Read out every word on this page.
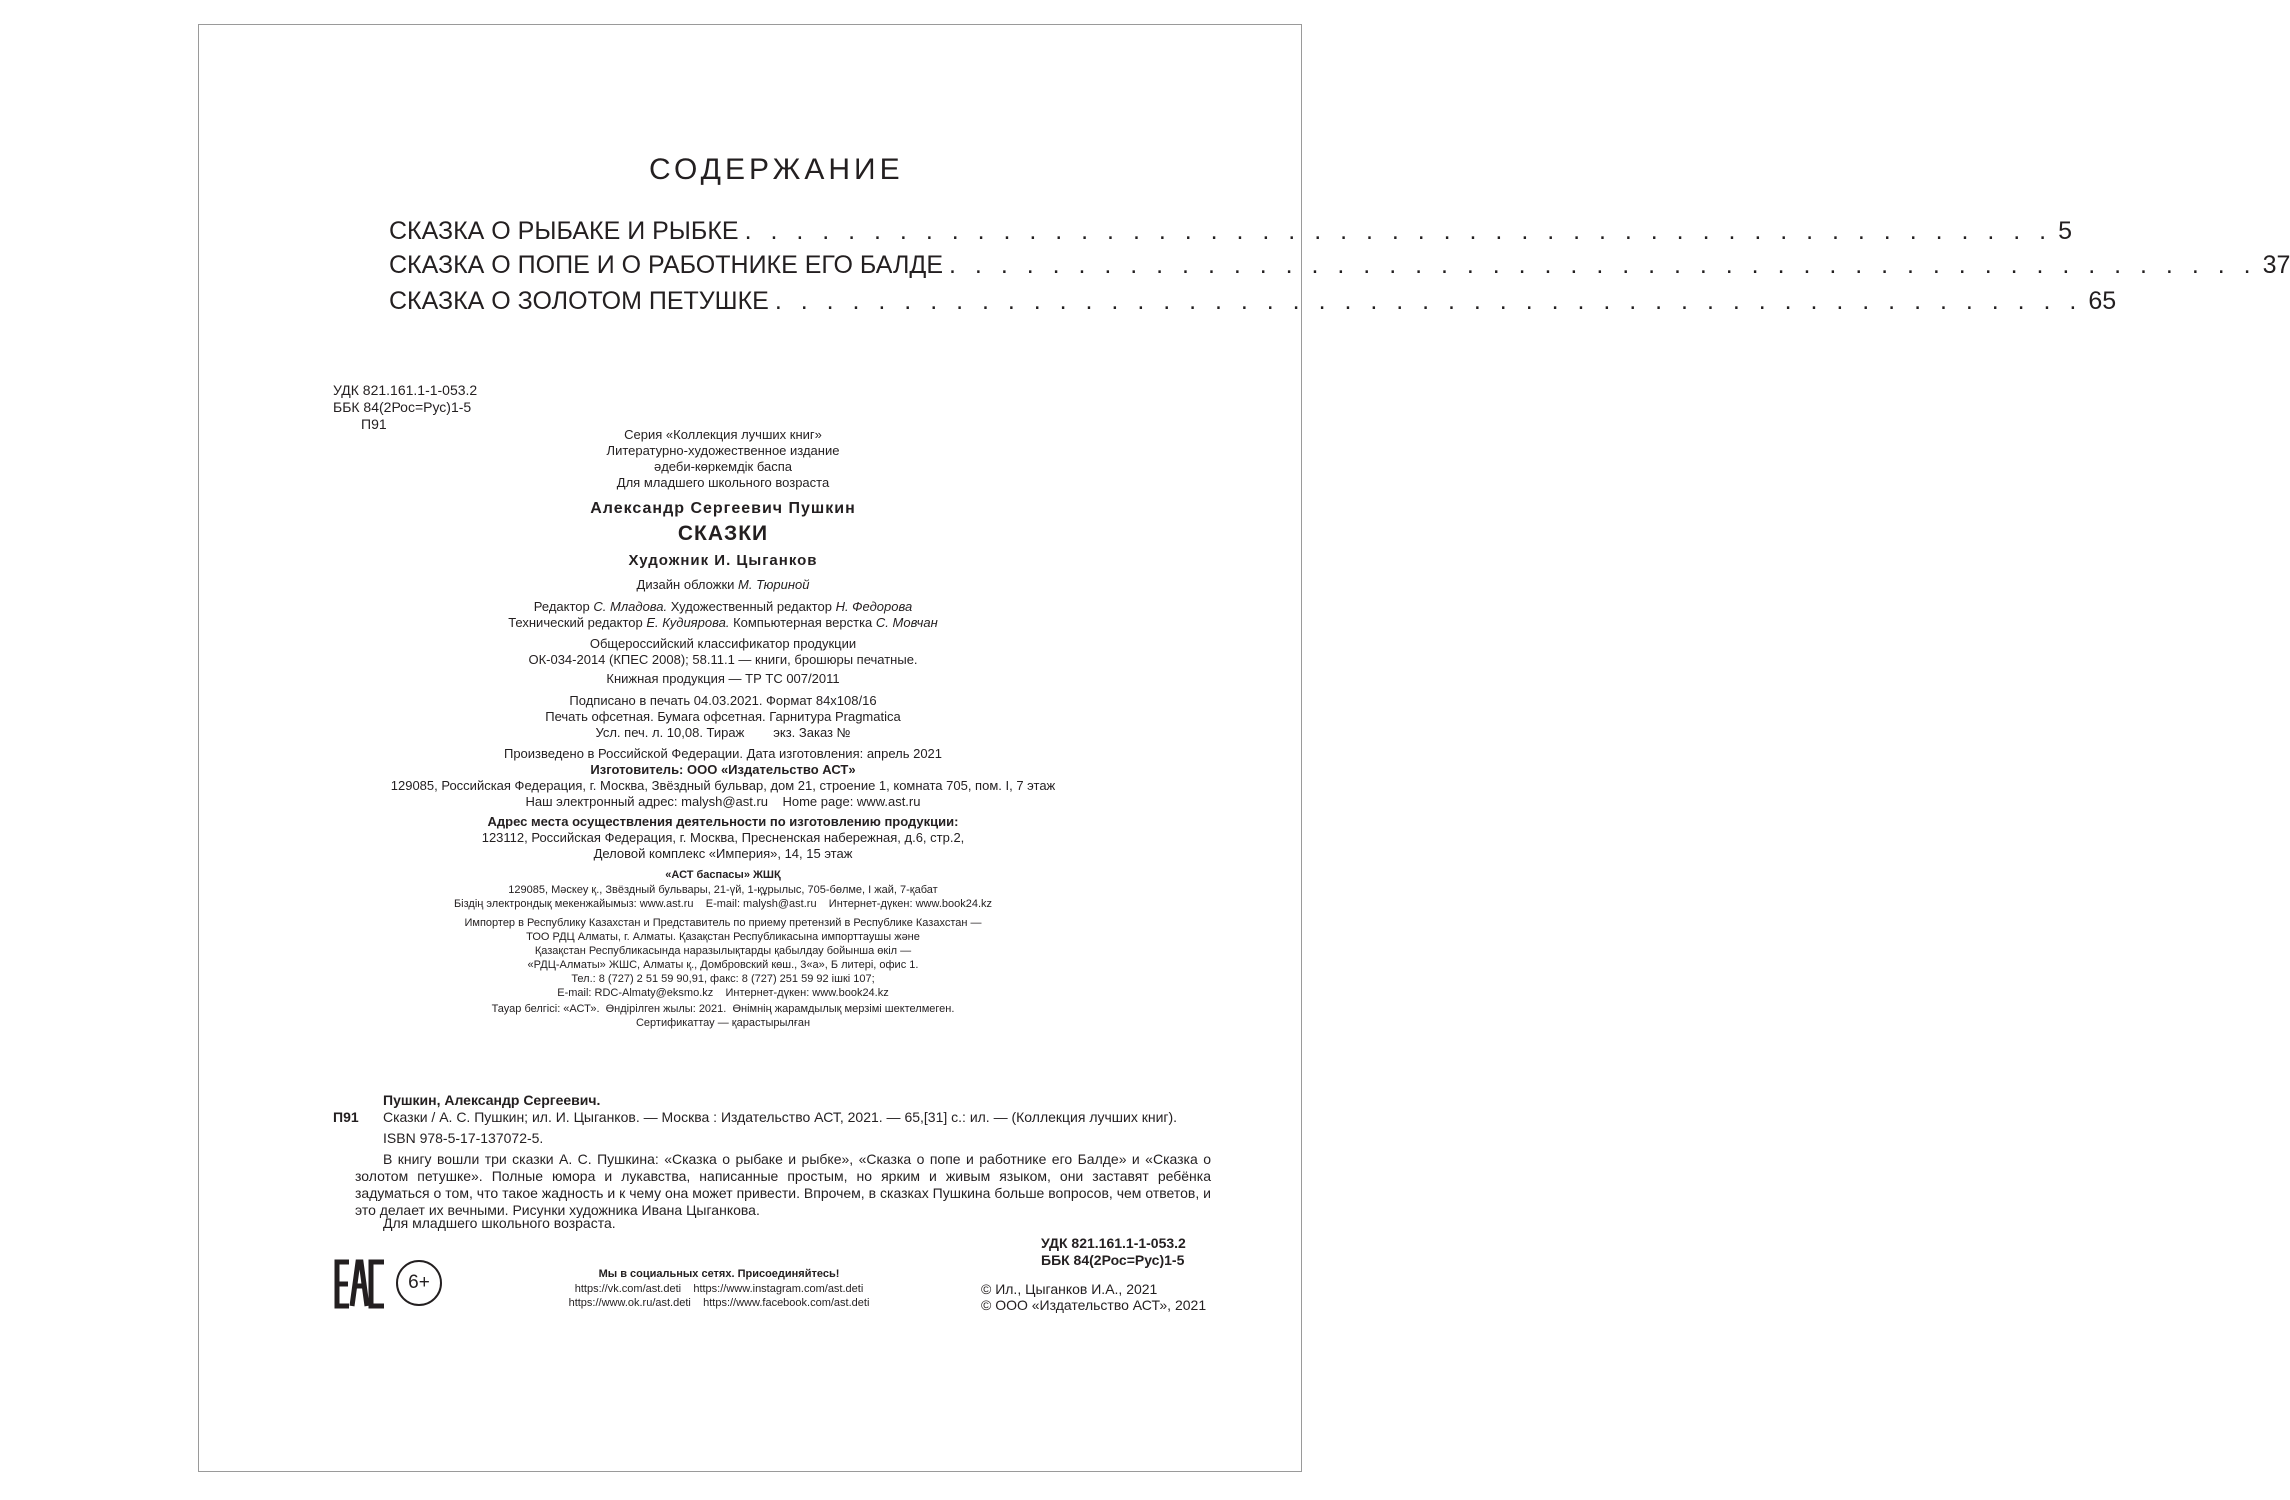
СОДЕРЖАНИЕ
СКАЗКА О РЫБАКЕ И РЫБКЕ . . . . . . . . . . . . . . . . . . . . . . . . . . . . . . . . . . . . . . . . . . . . . . . . . . . 5
СКАЗКА О ПОПЕ И О РАБОТНИКЕ ЕГО БАЛДЕ . . . . . . . . . . . . . . . . . . . . . . . . . . . . . . . . . . . . . . . . . . . . . . . . . . . 37
СКАЗКА О ЗОЛОТОМ ПЕТУШКЕ . . . . . . . . . . . . . . . . . . . . . . . . . . . . . . . . . . . . . . . . . . . . . . . . . . . 65
УДК 821.161.1-1-053.2
ББК 84(2Рос=Рус)1-5
П91
Серия «Коллекция лучших книг»
Литературно-художественное издание
әдеби-көркемдік баспа
Для младшего школьного возраста
Александр Сергеевич Пушкин
СКАЗКИ
Художник И. Цыганков
Дизайн обложки М. Тюриной
Редактор С. Младова. Художественный редактор Н. Федорова
Технический редактор Е. Кудиярова. Компьютерная верстка С. Мовчан
Общероссийский классификатор продукции
ОК-034-2014 (КПЕС 2008); 58.11.1 — книги, брошюры печатные.
Книжная продукция — ТР ТС 007/2011
Подписано в печать 04.03.2021. Формат 84x108/16
Печать офсетная. Бумага офсетная. Гарнитура Pragmatica
Усл. печ. л. 10,08. Тираж        экз. Заказ №
Произведено в Российской Федерации. Дата изготовления: апрель 2021
Изготовитель: ООО «Издательство АСТ»
129085, Российская Федерация, г. Москва, Звёздный бульвар, дом 21, строение 1, комната 705, пом. I, 7 этаж
Наш электронный адрес: malysh@ast.ru    Home page: www.ast.ru
Адрес места осуществления деятельности по изготовлению продукции:
123112, Российская Федерация, г. Москва, Пресненская набережная, д.6, стр.2,
Деловой комплекс «Империя», 14, 15 этаж
«АСТ баспасы» ЖШҚ
129085, Мәскеу қ., Звёздный бульвары, 21-үй, 1-құрылыс, 705-бөлме, I жай, 7-қабат
Біздің электрондық мекенжайымыз: www.ast.ru    E-mail: malysh@ast.ru    Интернет-дүкен: www.book24.kz
Импортер в Республику Казахстан и Представитель по приему претензий в Республике Казахстан —
ТОО РДЦ Алматы, г. Алматы. Қазақстан Республикасына импорттаушы және
Қазақстан Республикасында наразылықтарды қабылдау бойынша өкіл —
«РДЦ-Алматы» ЖШС, Алматы қ., Домбровский көш., 3«а», Б литері, офис 1.
Тел.: 8 (727) 2 51 59 90,91, факс: 8 (727) 251 59 92 ішкі 107;
E-mail: RDC-Almaty@eksmo.kz    Интернет-дүкен: www.book24.kz
Тауар белгісі: «АСТ».  Өндірілген жылы: 2021.  Өнімнің жарамдылық мерзімі шектелмеген.
Сертификаттау — қарастырылған
Пушкин, Александр Сергеевич.
П91 Сказки / А. С. Пушкин; ил. И. Цыганков. — Москва : Издательство АСТ, 2021. — 65,[31] с.: ил. — (Коллекция лучших книг).
ISBN 978-5-17-137072-5.
В книгу вошли три сказки А. С. Пушкина: «Сказка о рыбаке и рыбке», «Сказка о попе и работнике его Балде» и «Сказка о золотом петушке». Полные юмора и лукавства, написанные простым, но ярким и живым языком, они заставят ребёнка задуматься о том, что такое жадность и к чему она может привести. Впрочем, в сказках Пушкина больше вопросов, чем ответов, и это делает их вечными. Рисунки художника Ивана Цыганкова.
Для младшего школьного возраста.
УДК 821.161.1-1-053.2
ББК 84(2Рос=Рус)1-5
6+	Мы в социальных сетях. Присоединяйтесь!
https://vk.com/ast.deti https://www.instagram.com/ast.deti
https://www.ok.ru/ast.deti https://www.facebook.com/ast.deti
© Ил., Цыганков И.А., 2021
© ООО «Издательство АСТ», 2021
